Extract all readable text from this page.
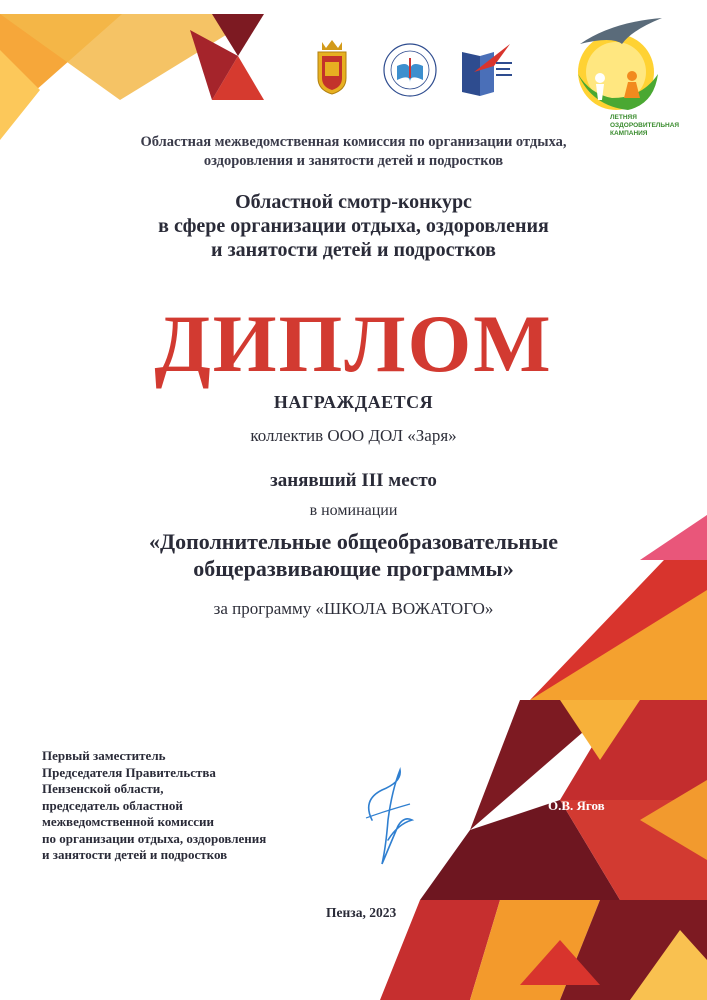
ЛЕТНЯЯ
ОЗДОРОВИТЕЛЬНАЯ
КАМПАНИЯ
Областная межведомственная комиссия по организации отдыха,
оздоровления и занятости детей и подростков
Областной смотр-конкурс
в сфере организации отдыха, оздоровления
и занятости детей и подростков
ДИПЛОМ
НАГРАЖДАЕТСЯ
коллектив ООО ДОЛ «Заря»
занявший III место
в номинации
«Дополнительные общеобразовательные
общеразвивающие программы»
за программу «ШКОЛА ВОЖАТОГО»
Первый заместитель
Председателя Правительства
Пензенской области,
председатель областной
межведомственной комиссии
по организации отдыха, оздоровления
и занятости детей и подростков
О.В. Ягов
Пенза, 2023
